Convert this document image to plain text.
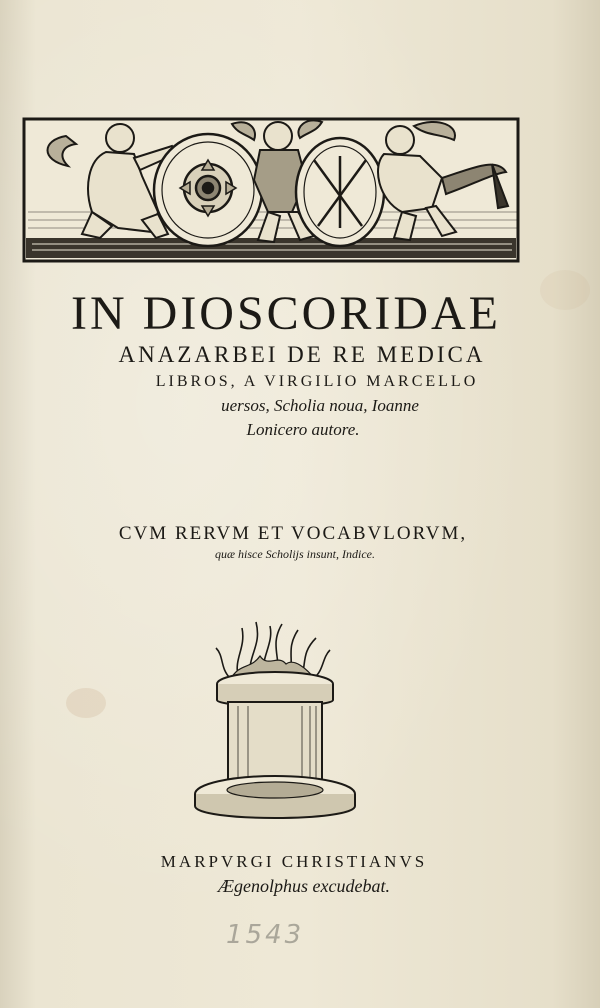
IN DIOSCORIDAE
ANAZARBEI DE RE MEDICA
LIBROS, A VIRGILIO MARCELLO
uersos, Scholia noua, Ioanne
Lonicero autore.
CVM RERVM ET VOCABVLORVM,
quæ hisce Scholijs insunt, Indice.
MARPVRGI CHRISTIANVS
Ægenolphus excudebat.
1543
